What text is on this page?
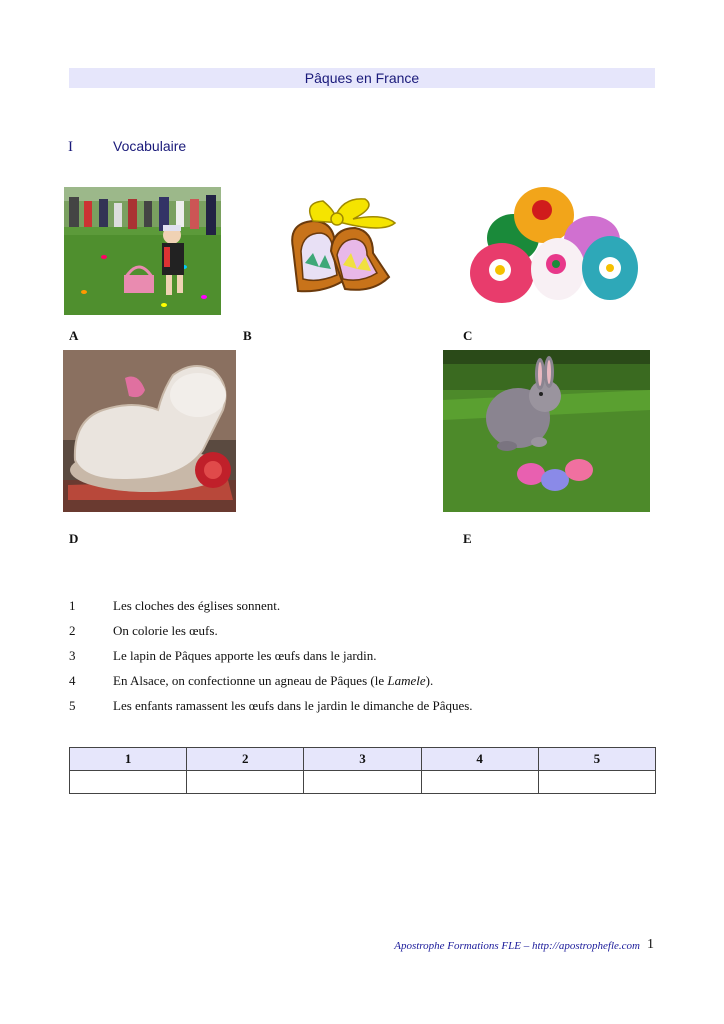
Pâques en France
I	Vocabulaire
A	B	C
D	E
1	Les cloches des églises sonnent.
2	On colorie les œufs.
3	Le lapin de Pâques apporte les œufs dans le jardin.
4	En Alsace, on confectionne un agneau de Pâques (le Lamele).
5	Les enfants ramassent les œufs dans le jardin le dimanche de Pâques.
1	2	3	4	5

Apostrophe Formations FLE – http://apostrophefle.com 1
